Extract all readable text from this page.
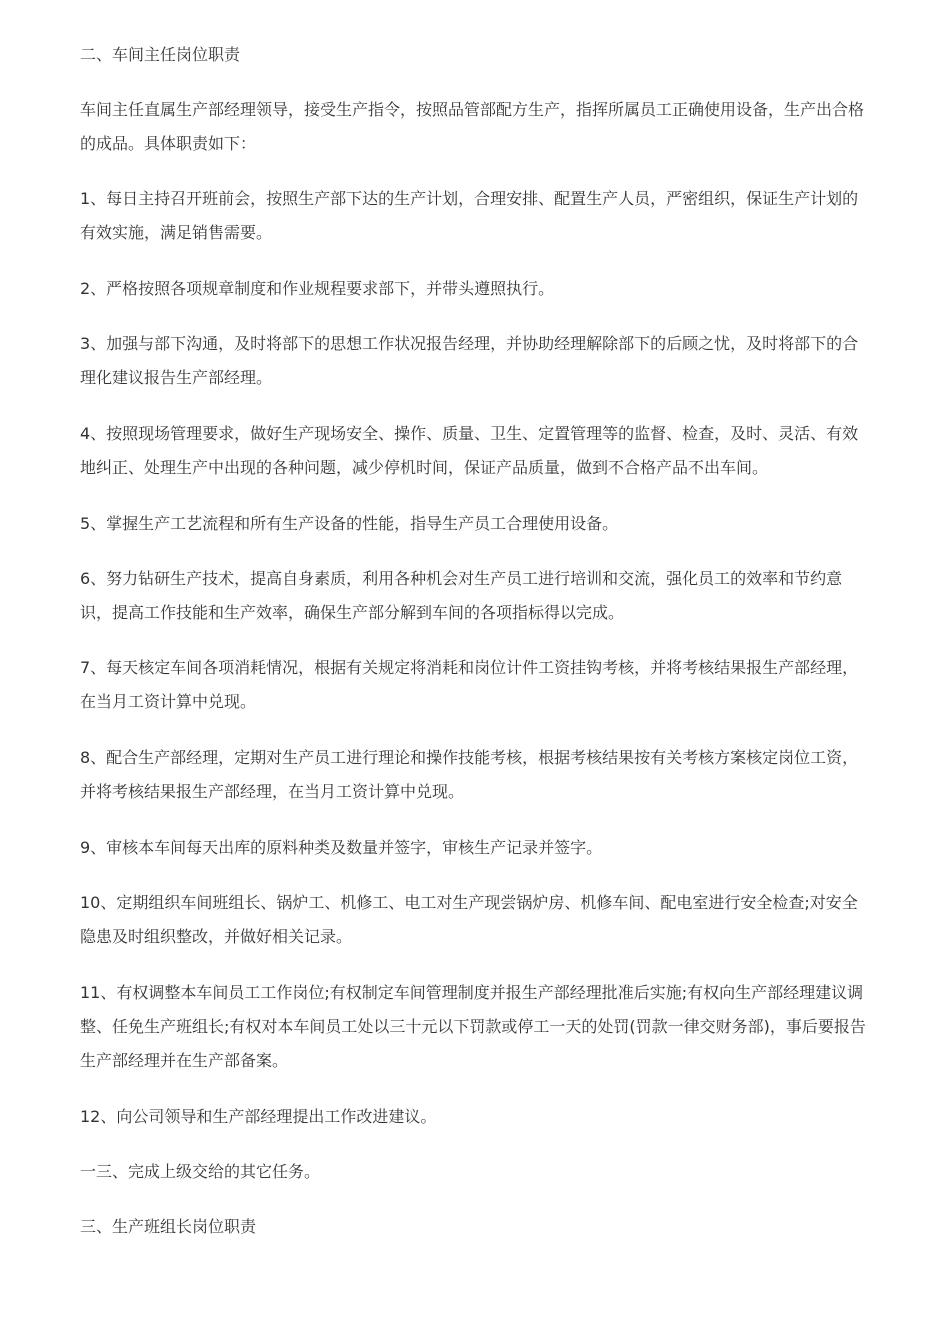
二、车间主任岗位职责

车间主任直属生产部经理领导，接受生产指令，按照品管部配方生产，指挥所属员工正确使用设备，生产出合格的成品。具体职责如下：

1、每日主持召开班前会，按照生产部下达的生产计划，合理安排、配置生产人员，严密组织，保证生产计划的有效实施，满足销售需要。

2、严格按照各项规章制度和作业规程要求部下，并带头遵照执行。

3、加强与部下沟通，及时将部下的思想工作状况报告经理，并协助经理解除部下的后顾之忧，及时将部下的合理化建议报告生产部经理。

4、按照现场管理要求，做好生产现场安全、操作、质量、卫生、定置管理等的监督、检查，及时、灵活、有效地纠正、处理生产中出现的各种问题，减少停机时间，保证产品质量，做到不合格产品不出车间。

5、掌握生产工艺流程和所有生产设备的性能，指导生产员工合理使用设备。

6、努力钻研生产技术，提高自身素质，利用各种机会对生产员工进行培训和交流，强化员工的效率和节约意识，提高工作技能和生产效率，确保生产部分解到车间的各项指标得以完成。

7、每天核定车间各项消耗情况，根据有关规定将消耗和岗位计件工资挂钩考核，并将考核结果报生产部经理，在当月工资计算中兑现。

8、配合生产部经理，定期对生产员工进行理论和操作技能考核，根据考核结果按有关考核方案核定岗位工资，并将考核结果报生产部经理，在当月工资计算中兑现。

9、审核本车间每天出库的原料种类及数量并签字，审核生产记录并签字。

10、定期组织车间班组长、锅炉工、机修工、电工对生产现尝锅炉房、机修车间、配电室进行安全检查;对安全隐患及时组织整改，并做好相关记录。

11、有权调整本车间员工工作岗位;有权制定车间管理制度并报生产部经理批准后实施;有权向生产部经理建议调整、任免生产班组长;有权对本车间员工处以三十元以下罚款或停工一天的处罚(罚款一律交财务部)，事后要报告生产部经理并在生产部备案。

12、向公司领导和生产部经理提出工作改进建议。

一三、完成上级交给的其它任务。

三、生产班组长岗位职责
